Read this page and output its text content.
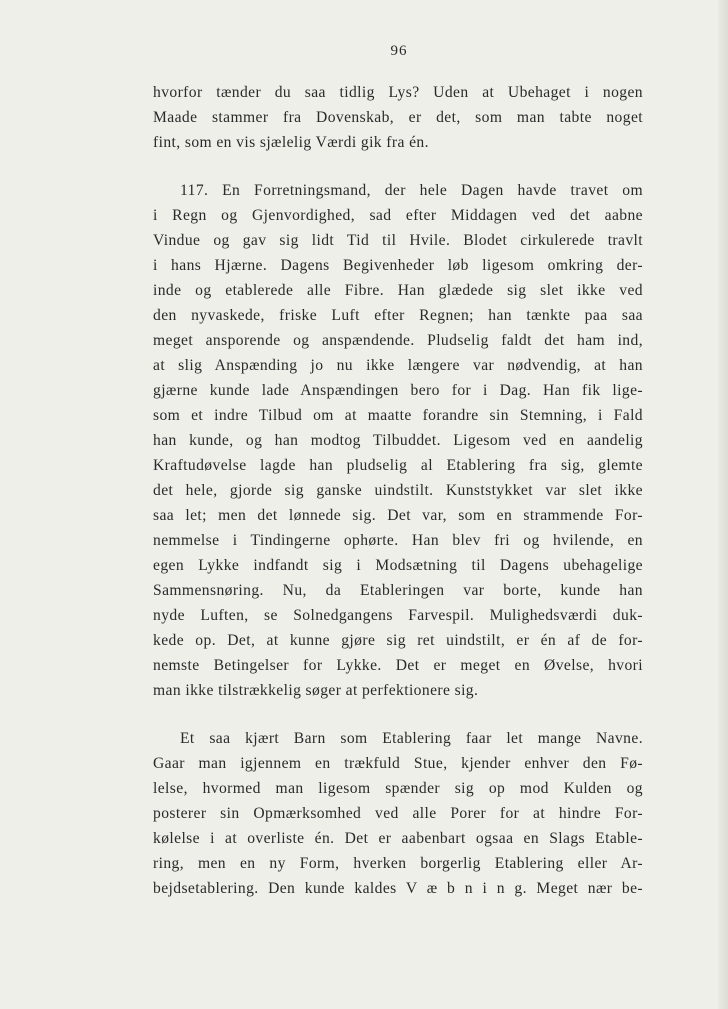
96
hvorfor tænder du saa tidlig Lys? Uden at Ubehaget i nogen
Maade stammer fra Dovenskab, er det, som man tabte noget
fint, som en vis sjælelig Værdi gik fra én.
117. En Forretningsmand, der hele Dagen havde travet om
i Regn og Gjenvordighed, sad efter Middagen ved det aabne
Vindue og gav sig lidt Tid til Hvile. Blodet cirkulerede travlt
i hans Hjærne. Dagens Begivenheder løb ligesom omkring der-
inde og etablerede alle Fibre. Han glædede sig slet ikke ved
den nyvaskede, friske Luft efter Regnen; han tænkte paa saa
meget ansporende og anspændende. Pludselig faldt det ham ind,
at slig Anspænding jo nu ikke længere var nødvendig, at han
gjærne kunde lade Anspændingen bero for i Dag. Han fik lige-
som et indre Tilbud om at maatte forandre sin Stemning, i Fald
han kunde, og han modtog Tilbuddet. Ligesom ved en aandelig
Kraftudøvelse lagde han pludselig al Etablering fra sig, glemte
det hele, gjorde sig ganske uindstilt. Kunststykket var slet ikke
saa let; men det lønnede sig. Det var, som en strammende For-
nemmelse i Tindingerne ophørte. Han blev fri og hvilende, en
egen Lykke indfandt sig i Modsætning til Dagens ubehagelige
Sammensnøring. Nu, da Etableringen var borte, kunde han
nyde Luften, se Solnedgangens Farvespil. Mulighedsværdi duk-
kede op. Det, at kunne gjøre sig ret uindstilt, er én af de for-
nemste Betingelser for Lykke. Det er meget en Øvelse, hvori
man ikke tilstrækkelig søger at perfektionere sig.
Et saa kjært Barn som Etablering faar let mange Navne.
Gaar man igjennem en trækfuld Stue, kjender enhver den Fø-
lelse, hvormed man ligesom spænder sig op mod Kulden og
posterer sin Opmærksomhed ved alle Porer for at hindre For-
kølelse i at overliste én. Det er aabenbart ogsaa en Slags Etable-
ring, men en ny Form, hverken borgerlig Etablering eller Ar-
bejdsetablering. Den kunde kaldes V æ b n i n g. Meget nær be-
